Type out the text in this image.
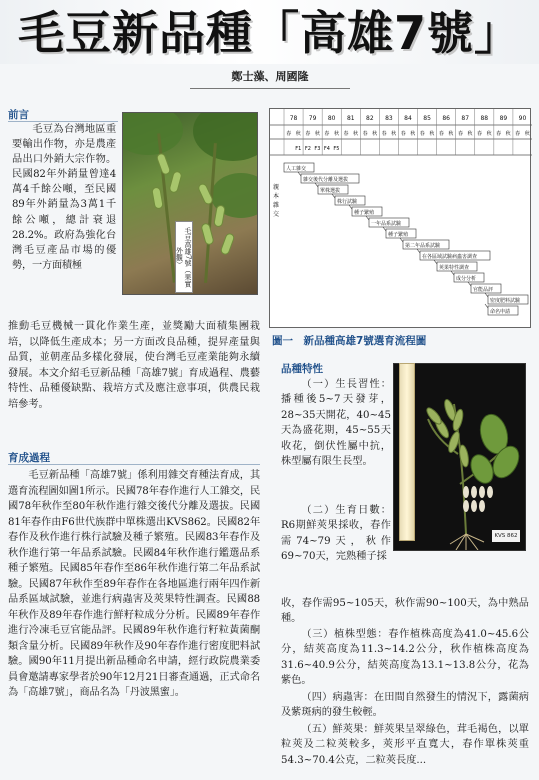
毛豆新品種「高雄7號」
鄭士藻、周國隆
前言
毛豆為台灣地區重要輸出作物，亦是農產品出口外銷大宗作物。民國82年外銷量曾達4萬4千餘公噸，至民國89年外銷量為3萬1千餘公噸，總計衰退28.2%。政府為強化台灣毛豆產品市場的優勢，一方面積極	毛豆高雄7號（果實外觀）
推動毛豆機械一貫化作業生產，並獎勵大面積集團栽培，以降低生產成本；另一方面改良品種，提昇產量與品質，並朝產品多樣化發展，使台灣毛豆產業能夠永續發展。本文介紹毛豆新品種「高雄7號」育成過程、農藝特性、品種優缺點、栽培方式及應注意事項，供農民栽培參考。
育成過程
毛豆新品種「高雄7號」係利用雜交育種法育成，其選育流程圖如圖1所示。民國78年春作進行人工雜交，民國78年秋作至80年秋作進行雜交後代分離及選拔。民國81年春作由F6世代族群中單株選出KVS862。民國82年春作及秋作進行株行試驗及種子繁殖。民國83年春作及秋作進行第一年品系試驗。民國84年秋作進行鑑選品系種子繁殖。民國85年春作至86年秋作進行第二年品系試驗。民國87年秋作至89年春作在各地區進行兩年四作新品系區域試驗，並進行病蟲害及莢果特性調查。民國88年秋作及89年春作進行鮮籽粒成分分析。民國89年春作進行冷凍毛豆官能品評。民國89年秋作進行籽粒黃菌酮類含量分析。民國89年秋作及90年春作進行密度肥料試驗。國90年11月提出新品種命名申請，經行政院農業委員會邀請專家學者於90年12月21日審查通過，正式命名為「高雄7號」，商品名為「丹波黑蜜」。
78 79 80 81 82 83 84 85 86 87 88 89 90
春 秋 春 秋 春 秋 春 秋 春 秋 春 秋 春 秋 春 秋 春 秋 春 秋 春 秋 春 秋 春 秋
F1 F2 F3 F4 F5
親
本
雜
交
人工雜交
雜交後代分離及選拔
單株選拔
株行試驗
種子繁殖
一年品系試驗
種子繁殖
第二年品系試驗
在各區域試驗病蟲害調查
莢果特性調查
成分分析
官能品評
密度肥料試驗
命名申請
圖一　新品種高雄7號選育流程圖
品種特性
（一）生長習性：播種後5~7天發芽，28~35天開花，40~45天為盛花期，45~55天收花，倒伏性屬中抗，株型屬有限生長型。
（二）生育日數：R6期鮮莢果採收，春作需74~79天，秋作69~70天，完熟種子採
收，春作需95~105天，秋作需90~100天，為中熟品種。
（三）植株型態：春作植株高度為41.0~45.6公分，結莢高度為11.3~14.2公分，秋作植株高度為31.6~40.9公分，結莢高度為13.1~13.8公分，花為紫色。
（四）病蟲害：在田間自然發生的情況下，露菌病及紫斑病的發生較輕。
（五）鮮莢果：鮮莢果呈翠綠色，茸毛褐色，以單粒莢及二粒莢較多，莢形平直寬大，春作單株莢重54.3~70.4公克，二粒莢長度...
KVS 862
